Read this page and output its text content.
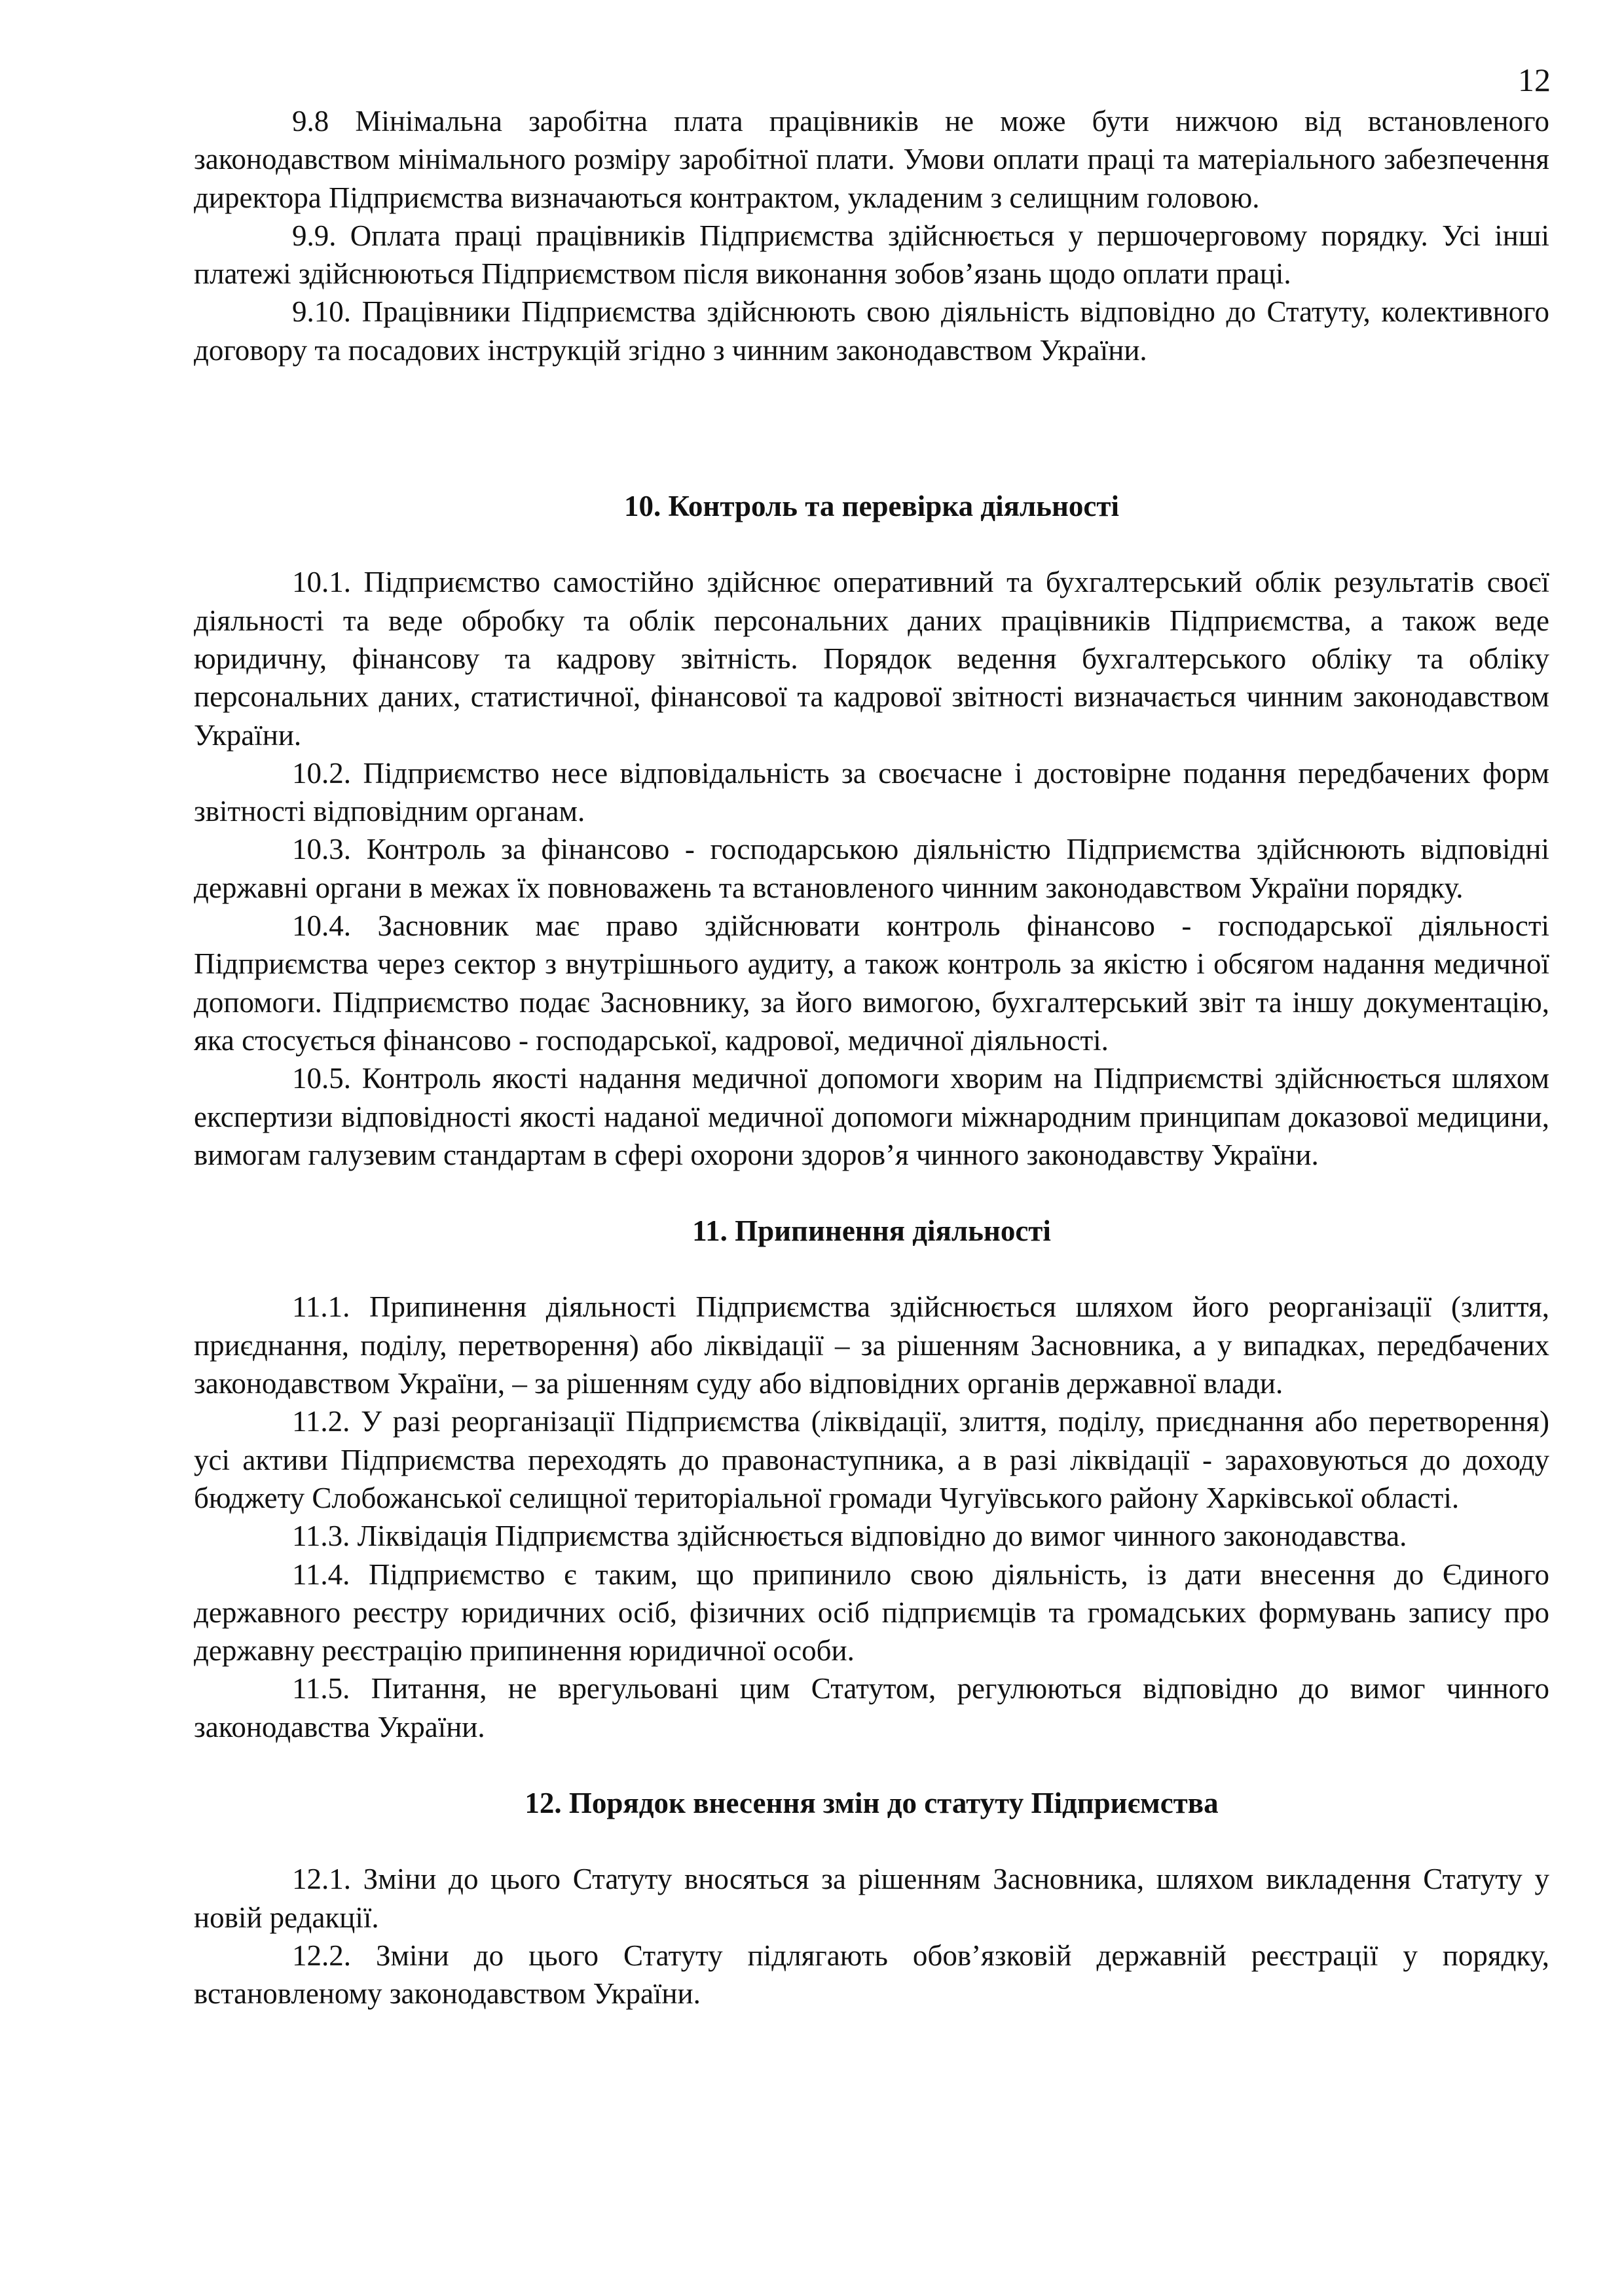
12

9.8 Мінімальна заробітна плата працівників не може бути нижчою від встановленого законодавством мінімального розміру заробітної плати. Умови оплати праці та матеріального забезпечення директора Підприємства визначаються контрактом, укладеним з селищним головою.

9.9. Оплата праці працівників Підприємства здійснюється у першочерговому порядку. Усі інші платежі здійснюються Підприємством після виконання зобов’язань щодо оплати праці.

9.10. Працівники Підприємства здійснюють свою діяльність відповідно до Статуту, колективного договору та посадових інструкцій згідно з чинним законодавством України.

10. Контроль та перевірка діяльності

10.1. Підприємство самостійно здійснює оперативний та бухгалтерський облік результатів своєї діяльності та веде обробку та облік персональних даних працівників Підприємства, а також веде юридичну, фінансову та кадрову звітність. Порядок ведення бухгалтерського обліку та обліку персональних даних, статистичної, фінансової та кадрової звітності визначається чинним законодавством України.

10.2. Підприємство несе відповідальність за своєчасне і достовірне подання передбачених форм звітності відповідним органам.

10.3. Контроль за фінансово - господарською діяльністю Підприємства здійснюють відповідні державні органи в межах їх повноважень та встановленого чинним законодавством України порядку.

10.4. Засновник має право здійснювати контроль фінансово - господарської діяльності Підприємства через сектор з внутрішнього аудиту, а також контроль за якістю і обсягом надання медичної допомоги. Підприємство подає Засновнику, за його вимогою, бухгалтерський звіт та іншу документацію, яка стосується фінансово - господарської, кадрової, медичної діяльності.

10.5. Контроль якості надання медичної допомоги хворим на Підприємстві здійснюється шляхом експертизи відповідності якості наданої медичної допомоги міжнародним принципам доказової медицини, вимогам галузевим стандартам в сфері охорони здоров’я чинного законодавству України.

11. Припинення діяльності

11.1. Припинення діяльності Підприємства здійснюється шляхом його реорганізації (злиття, приєднання, поділу, перетворення) або ліквідації – за рішенням Засновника, а у випадках, передбачених законодавством України, – за рішенням суду або відповідних органів державної влади.

11.2. У разі реорганізації Підприємства (ліквідації, злиття, поділу, приєднання або перетворення) усі активи Підприємства переходять до правонаступника, а в разі ліквідації - зараховуються до доходу бюджету Слобожанської селищної територіальної громади Чугуївського району Харківської області.

11.3. Ліквідація Підприємства здійснюється відповідно до вимог чинного законодавства.

11.4. Підприємство є таким, що припинило свою діяльність, із дати внесення до Єдиного державного реєстру юридичних осіб, фізичних осіб підприємців та громадських формувань запису про державну реєстрацію припинення юридичної особи.

11.5. Питання, не врегульовані цим Статутом, регулюються відповідно до вимог чинного законодавства України.

12. Порядок внесення змін до статуту Підприємства

12.1. Зміни до цього Статуту вносяться за рішенням Засновника, шляхом викладення Статуту у новій редакції.

12.2. Зміни до цього Статуту підлягають обов’язковій державній реєстрації у порядку, встановленому законодавством України.
